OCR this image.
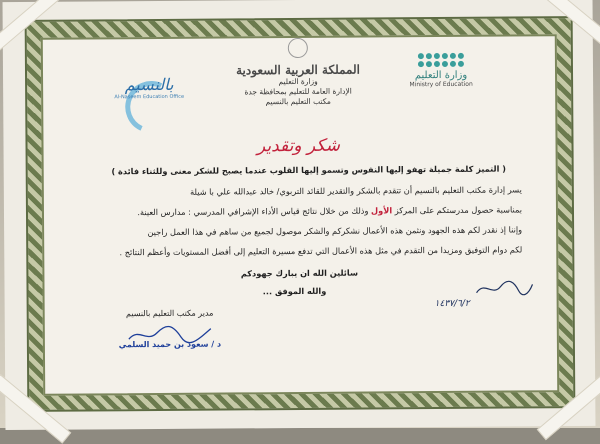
المملكة العربية السعودية
وزارة التعليم
الإدارة العامة للتعليم بمحافظة جدة
مكتب التعليم بالنسيم
وزارة التعليم
Ministry of Education
بالنسيم
Al-Naseem Education Office
شكر وتقدير
( التميز كلمة جميلة تهفو إليها النفوس وتسمو إليها القلوب عندما يصبح للشكر معنى وللثناء فائدة )
يسر إدارة مكتب التعليم بالنسيم أن تتقدم بالشكر والتقدير للقائد التربوي/ خالد عبدالله علي با شيلة
بمناسبة حصول مدرستكم على المركز الأول وذلك من خلال نتائج قياس الأداء الإشرافي المدرسي : مدارس العينة.
وإننا إذ نقدر لكم هذه الجهود ونثمن هذه الأعمال نشكركم والشكر موصول لجميع من ساهم في هذا العمل راجين
لكم دوام التوفيق ومزيدا من التقدم في مثل هذه الأعمال التي تدفع مسيرة التعليم إلى أفضل المستويات وأعظم النتائج .
سائلين الله ان يبارك جهودكم
والله الموفق ...
١٤٣٧/٦/٢
مدير مكتب التعليم بالنسيم
د / سعود بن حميد السلمي
